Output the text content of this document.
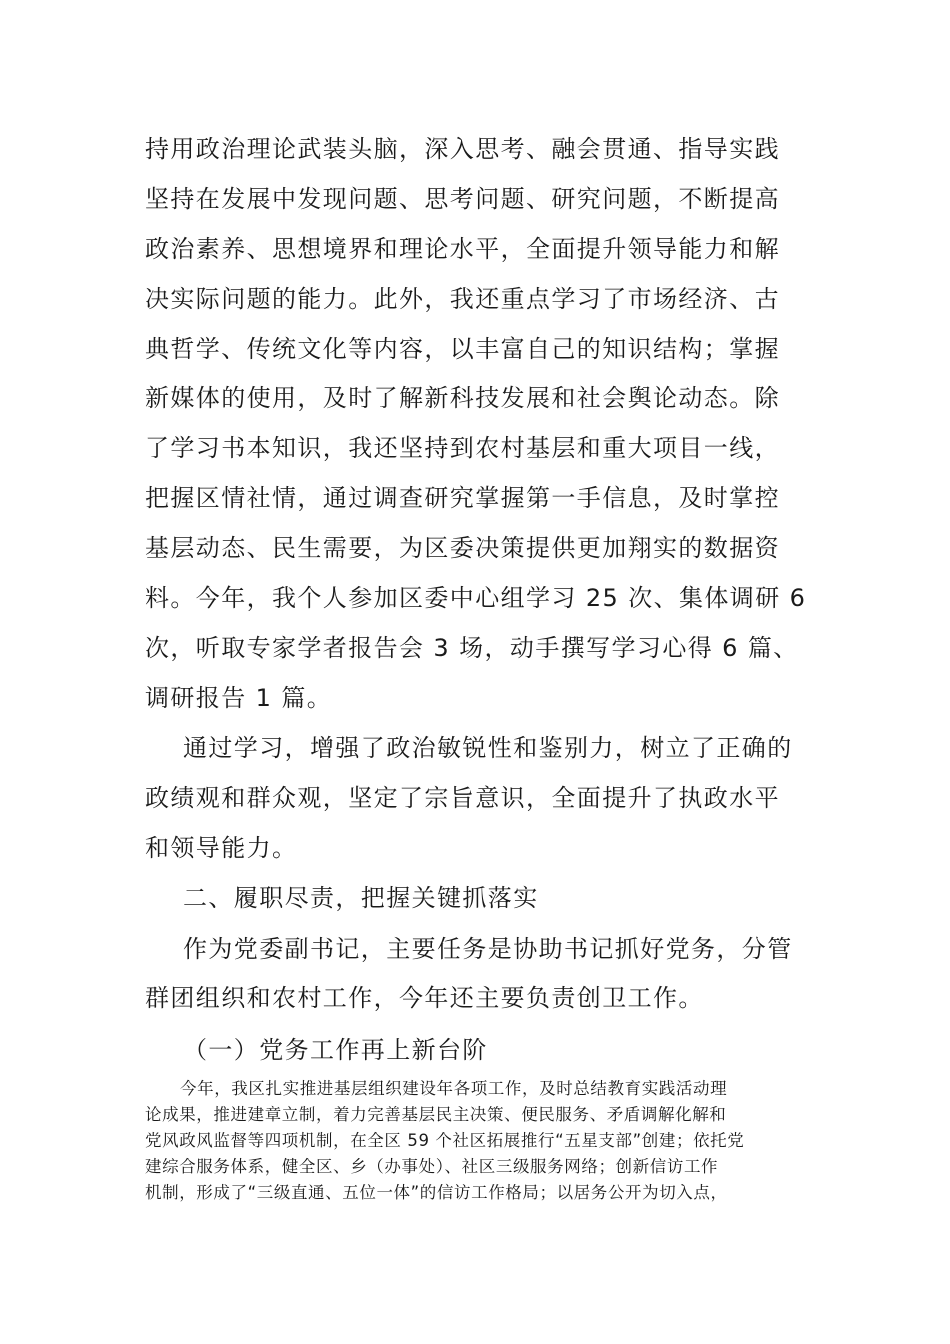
持用政治理论武装头脑，深入思考、融会贯通、指导实践
坚持在发展中发现问题、思考问题、研究问题，不断提高
政治素养、思想境界和理论水平，全面提升领导能力和解
决实际问题的能力。此外，我还重点学习了市场经济、古
典哲学、传统文化等内容，以丰富自己的知识结构；掌握
新媒体的使用，及时了解新科技发展和社会舆论动态。除
了学习书本知识，我还坚持到农村基层和重大项目一线，
把握区情社情，通过调查研究掌握第一手信息，及时掌控
基层动态、民生需要，为区委决策提供更加翔实的数据资
料。今年，我个人参加区委中心组学习 25 次、集体调研 6
次，听取专家学者报告会 3 场，动手撰写学习心得 6 篇、
调研报告 1 篇。
通过学习，增强了政治敏锐性和鉴别力，树立了正确的
政绩观和群众观，坚定了宗旨意识，全面提升了执政水平
和领导能力。
二、履职尽责，把握关键抓落实
作为党委副书记，主要任务是协助书记抓好党务，分管
群团组织和农村工作，今年还主要负责创卫工作。
（一）党务工作再上新台阶
今年，我区扎实推进基层组织建设年各项工作，及时总结教育实践活动理
论成果，推进建章立制，着力完善基层民主决策、便民服务、矛盾调解化解和
党风政风监督等四项机制，在全区 59 个社区拓展推行“五星支部”创建；依托党
建综合服务体系，健全区、乡（办事处）、社区三级服务网络；创新信访工作
机制，形成了“三级直通、五位一体”的信访工作格局；以居务公开为切入点，
